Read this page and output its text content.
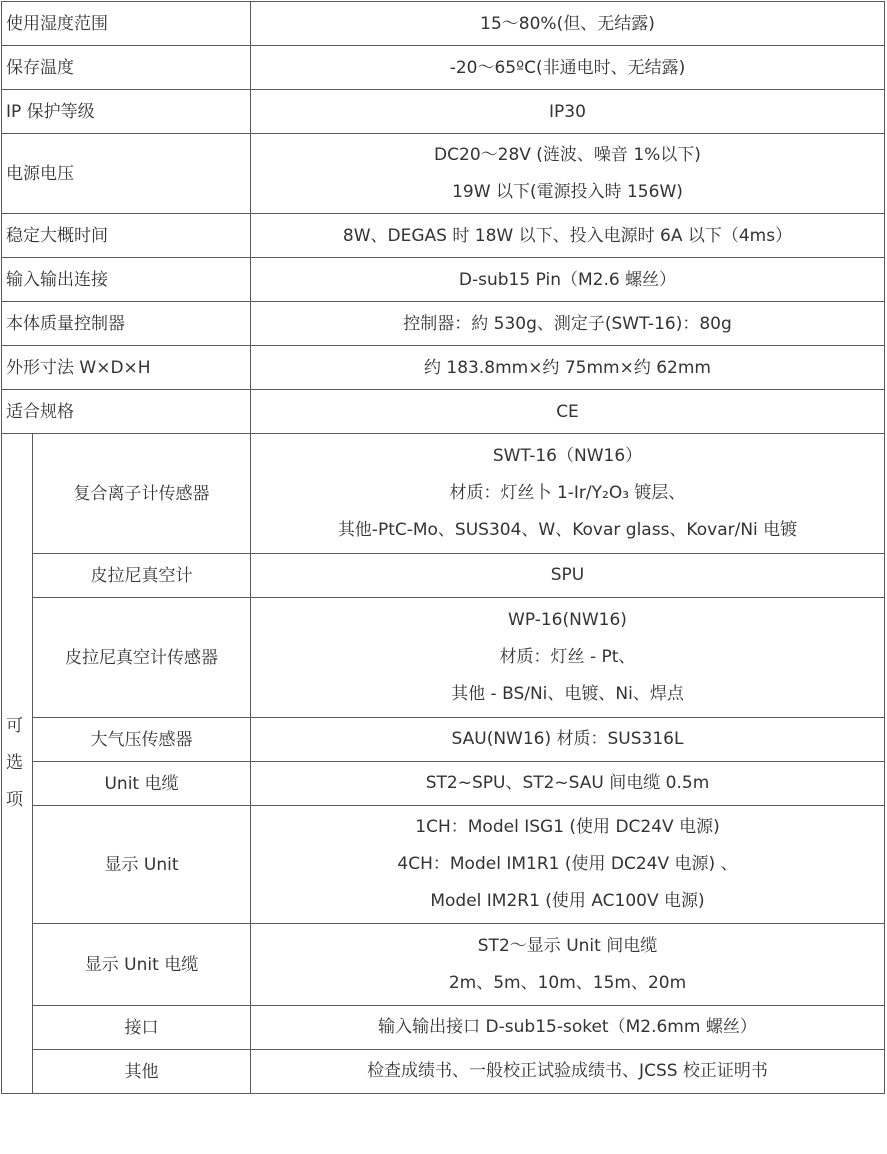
使用湿度范围		15〜80%(但、无结露)
保存温度		-20〜65ºC(非通电时、无结露)
IP 保护等级		IP30
电源电压		DC20〜28V (涟波、噪音 1%以下)
19W 以下(電源投入時 156W)

稳定大概时间		8W、DEGAS 时 18W 以下、投入电源时 6A 以下（4ms）
输入输出连接		D-sub15 Pin（M2.6 螺丝）
本体质量控制器		控制器：約 530g、測定子(SWT-16)：80g
外形寸法 W×D×H		约 183.8mm×约 75mm×约 62mm
适合规格		CE

可
选
项	复合离子计传感器	SWT-16（NW16）
材质：灯丝卜 1-Ir/Y₂O₃ 镀层、
其他-PtC-Mo、SUS304、W、Kovar glass、Kovar/Ni 电镀

	皮拉尼真空计	SPU

	皮拉尼真空计传感器	WP-16(NW16)
材质：灯丝 - Pt、
其他 - BS/Ni、电镀、Ni、焊点

	大气压传感器	SAU(NW16) 材质：SUS316L

	Unit 电缆	ST2~SPU、ST2~SAU 间电缆 0.5m

	显示 Unit	1CH：Model ISG1 (使用 DC24V 电源)
4CH：Model IM1R1 (使用 DC24V 电源) 、
Model IM2R1 (使用 AC100V 电源)

	显示 Unit 电缆	ST2〜显示 Unit 间电缆
2m、5m、10m、15m、20m

	接口	输入输出接口 D-sub15-soket（M2.6mm 螺丝）

	其他	检查成绩书、一般校正试验成绩书、JCSS 校正证明书
